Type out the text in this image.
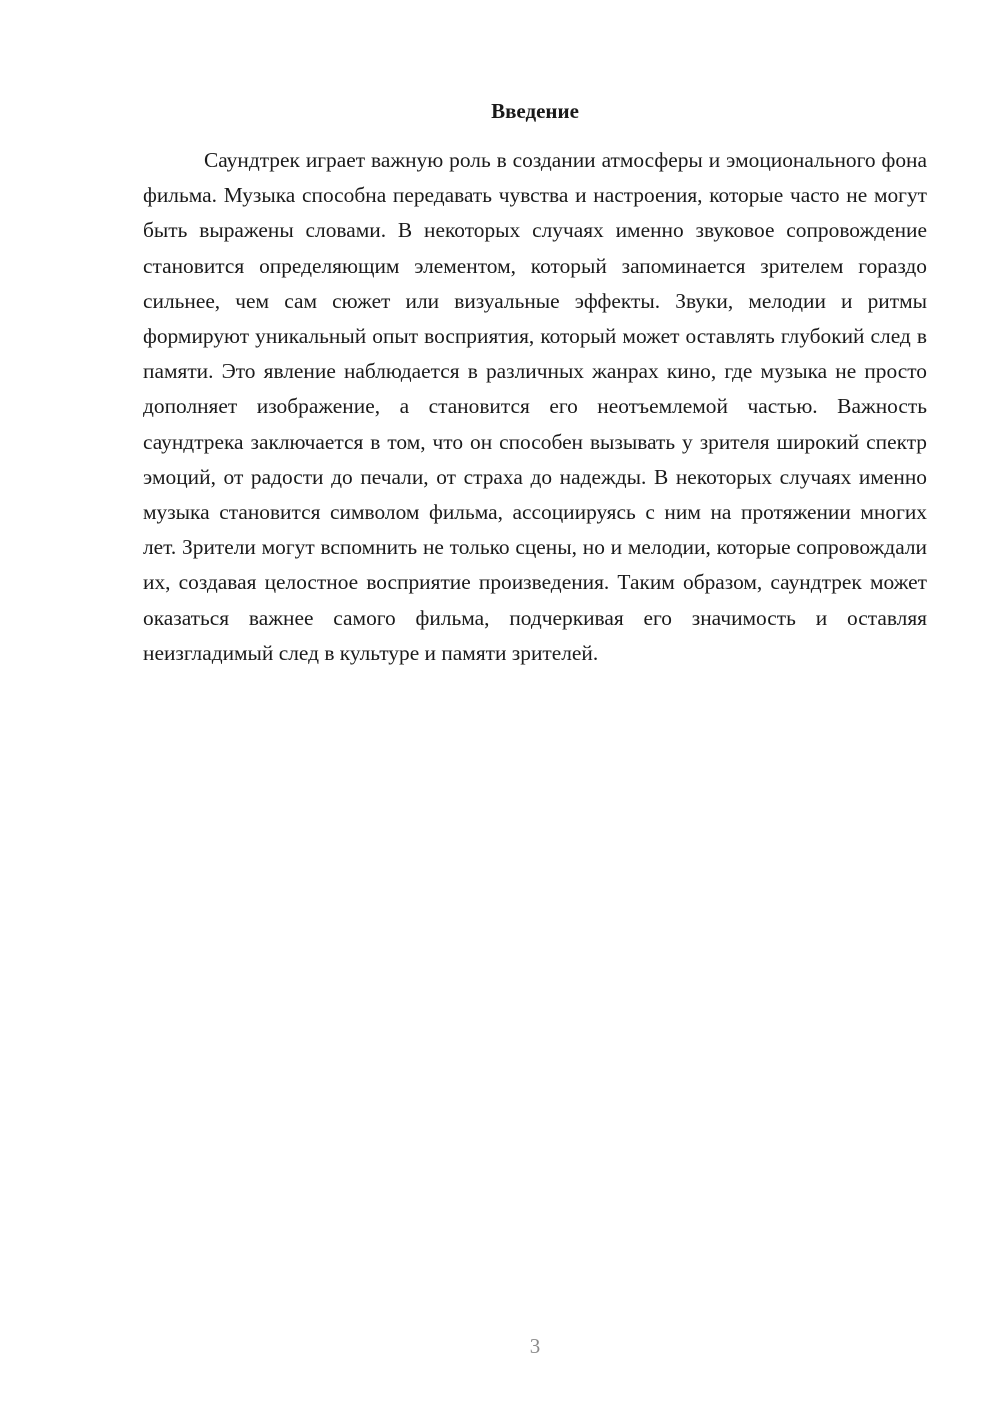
Введение

Саундтрек играет важную роль в создании атмосферы и эмоционального фона фильма. Музыка способна передавать чувства и настроения, которые часто не могут быть выражены словами. В некоторых случаях именно звуковое сопровождение становится определяющим элементом, который запоминается зрителем гораздо сильнее, чем сам сюжет или визуальные эффекты. Звуки, мелодии и ритмы формируют уникальный опыт восприятия, который может оставлять глубокий след в памяти. Это явление наблюдается в различных жанрах кино, где музыка не просто дополняет изображение, а становится его неотъемлемой частью. Важность саундтрека заключается в том, что он способен вызывать у зрителя широкий спектр эмоций, от радости до печали, от страха до надежды. В некоторых случаях именно музыка становится символом фильма, ассоциируясь с ним на протяжении многих лет. Зрители могут вспомнить не только сцены, но и мелодии, которые сопровождали их, создавая целостное восприятие произведения. Таким образом, саундтрек может оказаться важнее самого фильма, подчеркивая его значимость и оставляя неизгладимый след в культуре и памяти зрителей.

3
